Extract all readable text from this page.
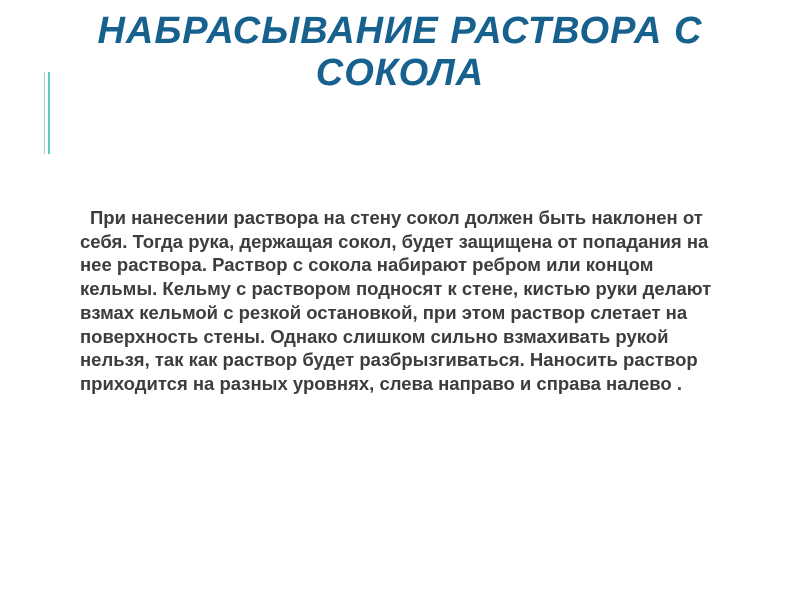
НАБРАСЫВАНИЕ РАСТВОРА С
СОКОЛА

При нанесении раствора на стену сокол должен быть наклонен от себя. Тогда рука, держащая сокол, будет защищена от попадания на нее раствора. Раствор с сокола набирают ребром или концом кельмы. Кельму с раствором подносят к стене, кистью руки делают взмах кельмой с резкой остановкой, при этом раствор слетает на поверхность стены. Однако слишком сильно взмахивать рукой нельзя, так как раствор будет разбрызгиваться. Наносить раствор приходится на разных уровнях, слева направо и справа налево .
